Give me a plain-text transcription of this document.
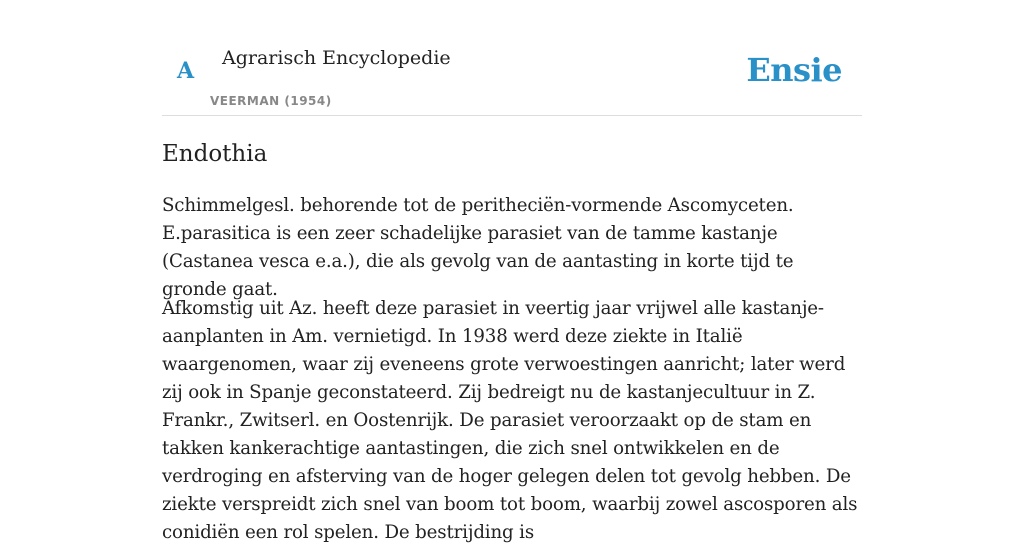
A Agrarisch Encyclopedie
VEERMAN (1954)
Ensie
Endothia

Schimmelgesl. behorende tot de peritheciën-vormende Ascomyceten. E.parasitica is een zeer schadelijke parasiet van de tamme kastanje (Castanea vesca e.a.), die als gevolg van de aantasting in korte tijd te gronde gaat.

Afkomstig uit Az. heeft deze parasiet in veertig jaar vrijwel alle kastanje-aanplanten in Am. vernietigd. In 1938 werd deze ziekte in Italië waargenomen, waar zij eveneens grote verwoestingen aanricht; later werd zij ook in Spanje geconstateerd. Zij bedreigt nu de kastanjecultuur in Z. Frankr., Zwitserl. en Oostenrijk. De parasiet veroorzaakt op de stam en takken kankerachtige aantastingen, die zich snel ontwikkelen en de verdroging en afsterving van de hoger gelegen delen tot gevolg hebben. De ziekte verspreidt zich snel van boom tot boom, waarbij zowel ascosporen als conidiën een rol spelen. De bestrijding is
